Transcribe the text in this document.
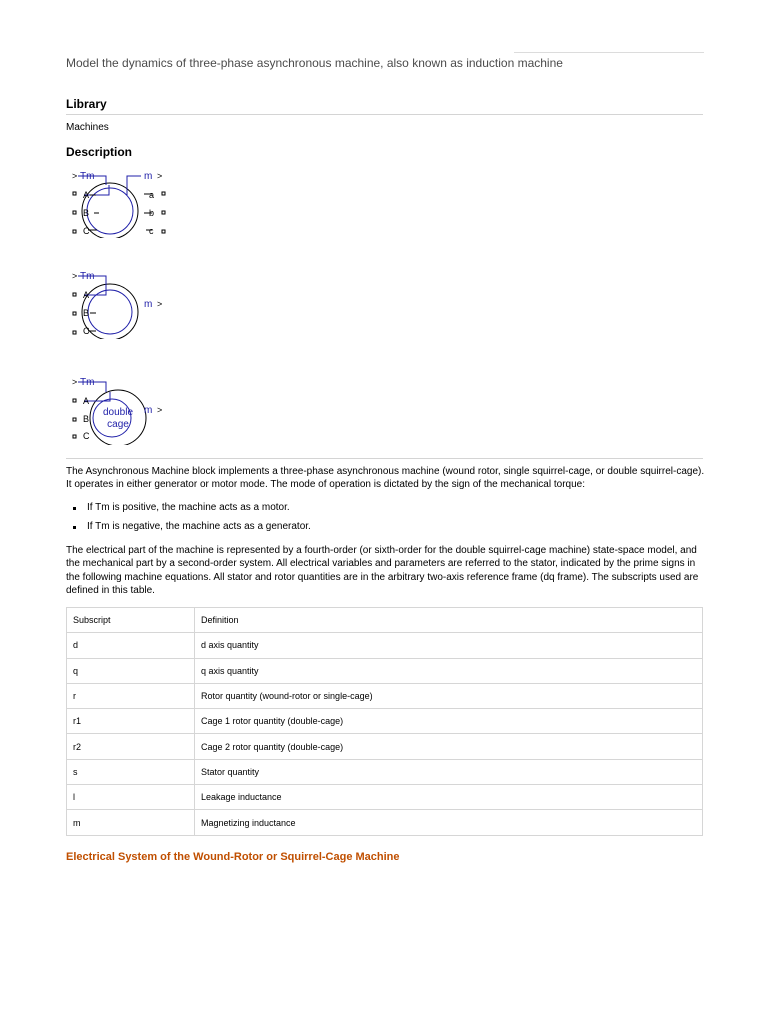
Model the dynamics of three-phase asynchronous machine, also known as induction machine
Library
Machines
Description
> Tm	m >
A
B
C
a
b
c
> Tm
m >
A
B
C
> Tm
m >
A
B
C
double
cage

The Asynchronous Machine block implements a three-phase asynchronous machine (wound rotor, single squirrel-cage, or double squirrel-cage). It operates in either generator or motor mode. The mode of operation is dictated by the sign of the mechanical torque:

If Tm is positive, the machine acts as a motor.
If Tm is negative, the machine acts as a generator.

The electrical part of the machine is represented by a fourth-order (or sixth-order for the double squirrel-cage machine) state-space model, and the mechanical part by a second-order system. All electrical variables and parameters are referred to the stator, indicated by the prime signs in the following machine equations. All stator and rotor quantities are in the arbitrary two-axis reference frame (dq frame). The subscripts used are defined in this table.

Subscript	Definition
d	d axis quantity
q	q axis quantity
r	Rotor quantity (wound-rotor or single-cage)
r1	Cage 1 rotor quantity (double-cage)
r2	Cage 2 rotor quantity (double-cage)
s	Stator quantity
l	Leakage inductance
m	Magnetizing inductance
Electrical System of the Wound-Rotor or Squirrel-Cage Machine
